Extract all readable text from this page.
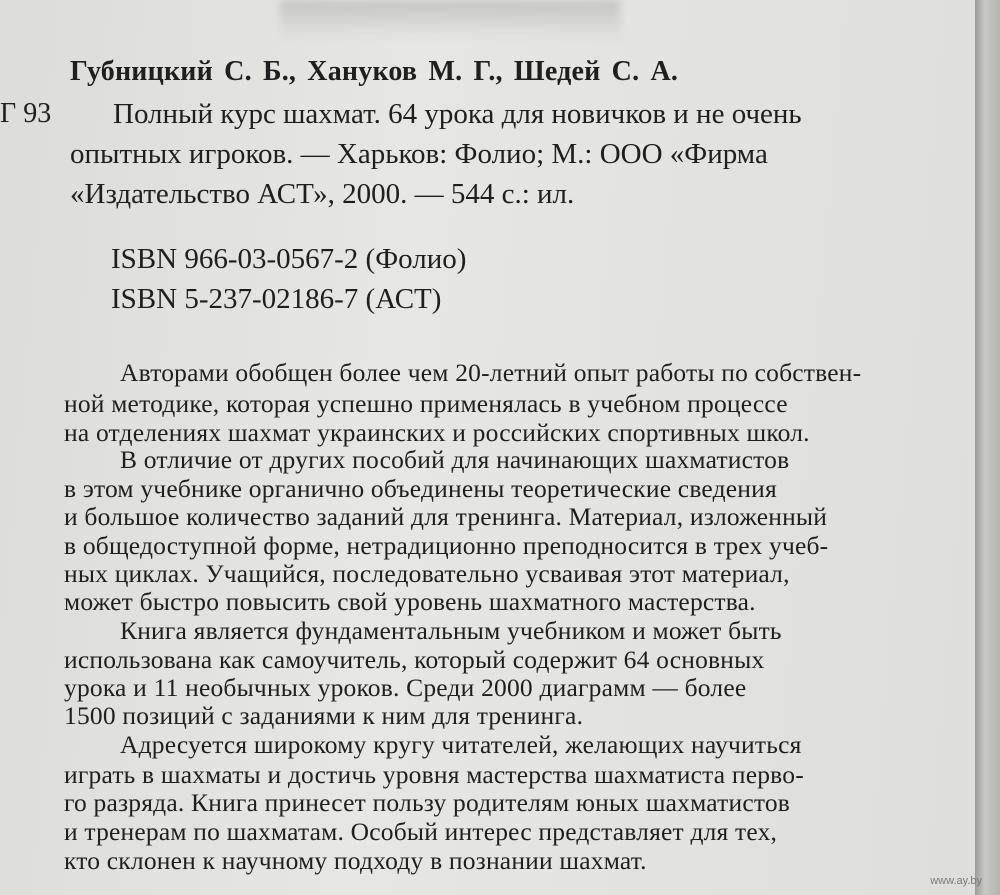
Губницкий С. Б., Хануков М. Г., Шедей С. А.
Г 93 Полный курс шахмат. 64 урока для новичков и не очень
опытных игроков. — Харьков: Фолио; М.: ООО «Фирма
«Издательство АСТ», 2000. — 544 с.: ил.
ISBN 966-03-0567-2 (Фолио)
ISBN 5-237-02186-7 (АСТ)
Авторами обобщен более чем 20-летний опыт работы по собствен-
ной методике, которая успешно применялась в учебном процессе
на отделениях шахмат украинских и российских спортивных школ.
В отличие от других пособий для начинающих шахматистов
в этом учебнике органично объединены теоретические сведения
и большое количество заданий для тренинга. Материал, изложенный
в общедоступной форме, нетрадиционно преподносится в трех учеб-
ных циклах. Учащийся, последовательно усваивая этот материал,
может быстро повысить свой уровень шахматного мастерства.
Книга является фундаментальным учебником и может быть
использована как самоучитель, который содержит 64 основных
урока и 11 необычных уроков. Среди 2000 диаграмм — более
1500 позиций с заданиями к ним для тренинга.
Адресуется широкому кругу читателей, желающих научиться
играть в шахматы и достичь уровня мастерства шахматиста перво-
го разряда. Книга принесет пользу родителям юных шахматистов
и тренерам по шахматам. Особый интерес представляет для тех,
кто склонен к научному подходу в познании шахмат.
www.ay.by
